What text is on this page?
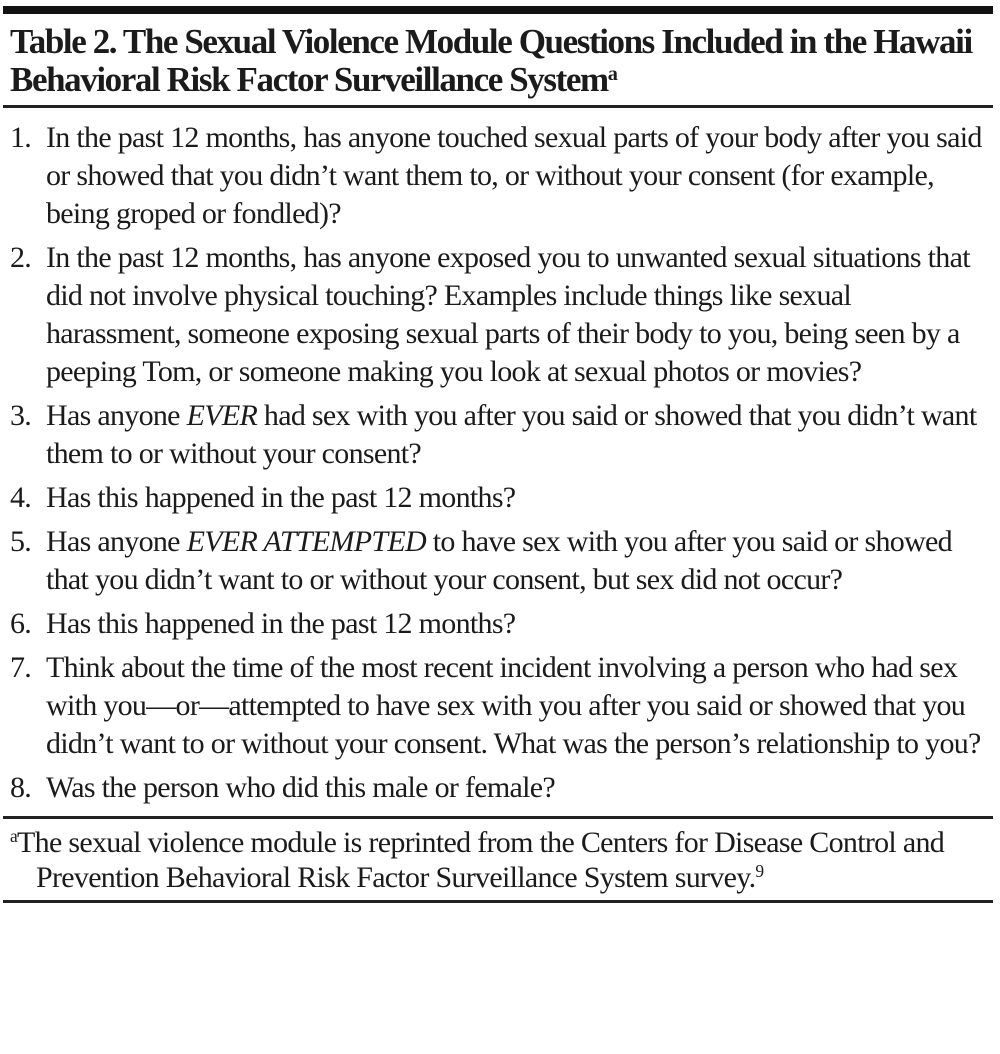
Table 2. The Sexual Violence Module Questions Included in the Hawaii Behavioral Risk Factor Surveillance System$^a$
1. In the past 12 months, has anyone touched sexual parts of your body after you said or showed that you didn’t want them to, or without your consent (for example, being groped or fondled)?
2. In the past 12 months, has anyone exposed you to unwanted sexual situations that did not involve physical touching? Examples include things like sexual harassment, someone exposing sexual parts of their body to you, being seen by a peeping Tom, or someone making you look at sexual photos or movies?
3. Has anyone EVER had sex with you after you said or showed that you didn’t want them to or without your consent?
4. Has this happened in the past 12 months?
5. Has anyone EVER ATTEMPTED to have sex with you after you said or showed that you didn’t want to or without your consent, but sex did not occur?
6. Has this happened in the past 12 months?
7. Think about the time of the most recent incident involving a person who had sex with you—or—attempted to have sex with you after you said or showed that you didn’t want to or without your consent. What was the person’s relationship to you?
8. Was the person who did this male or female?

$^a$The sexual violence module is reprinted from the Centers for Disease Control and Prevention Behavioral Risk Factor Surveillance System survey.$^9$
